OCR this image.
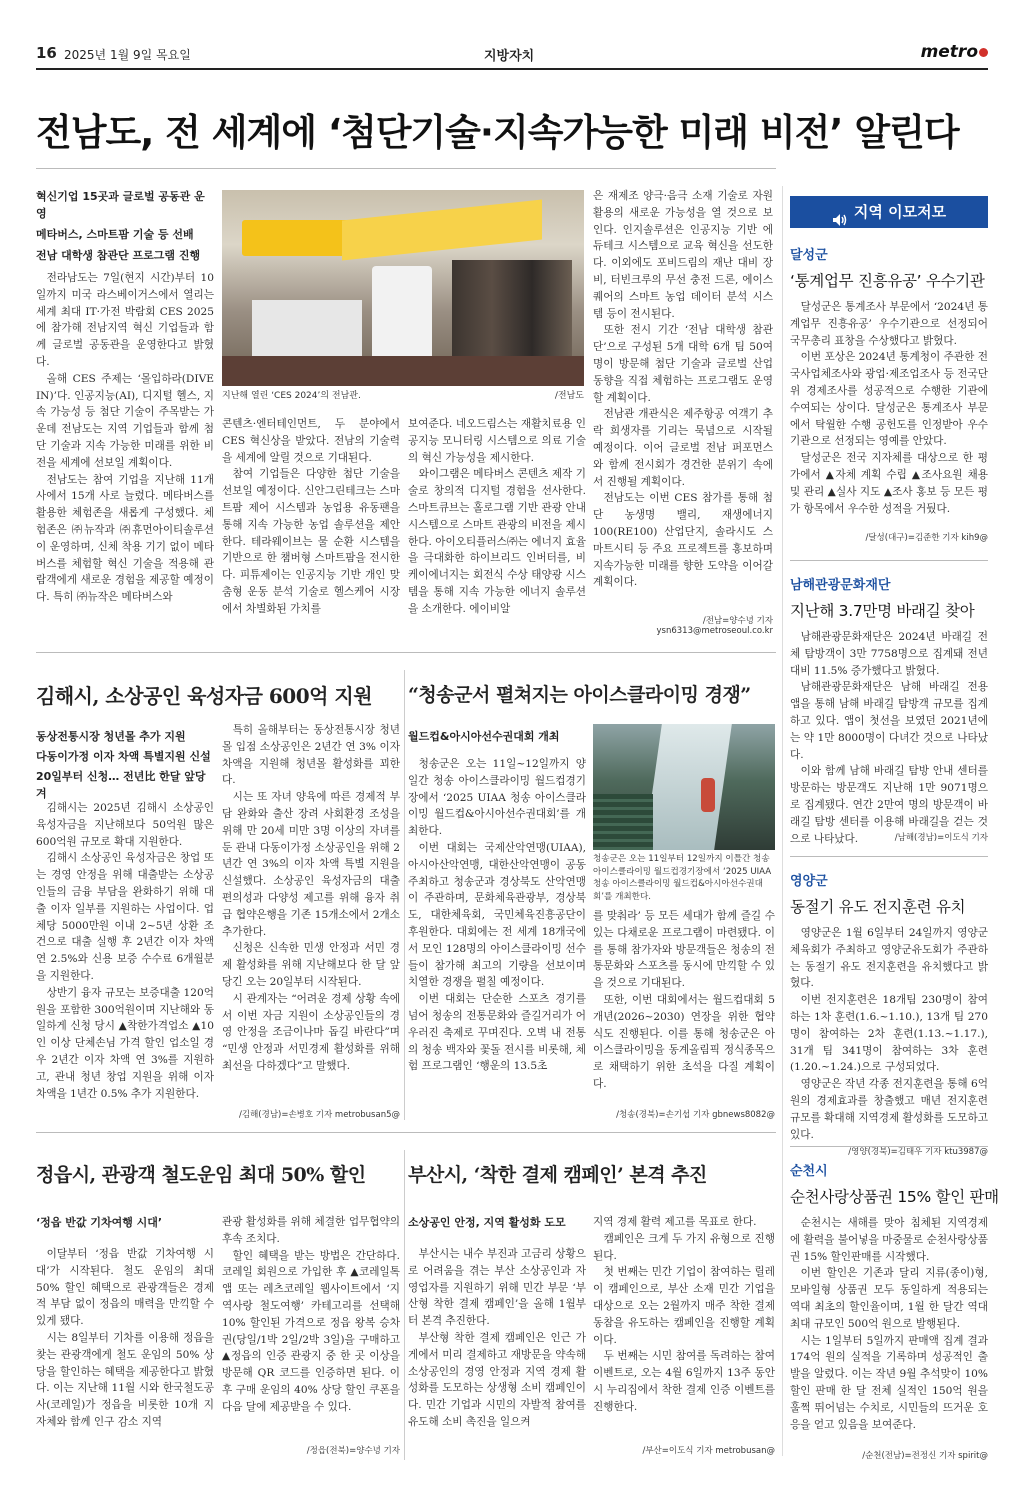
16 2025년 1월 9일 목요일	지방자치	metro
전남도, 전 세계에 ‘첨단기술·지속가능한 미래 비전’ 알린다
혁신기업 15곳과 글로벌 공동관 운영
메타버스, 스마트팜 기술 등 선배
전남 대학생 참관단 프로그램 진행

전라남도는 7일(현지 시간)부터 10일까지 미국 라스베이거스에서 열리는 세계 최대 IT·가전 박람회 CES 2025에 참가해 전남지역 혁신 기업들과 함께 글로벌 공동관을 운영한다고 밝혔다.

올해 CES 주제는 ‘몰입하라(DIVE IN)’다. 인공지능(AI), 디지털 헬스, 지속 가능성 등 첨단 기술이 주목받는 가운데 전남도는 지역 기업들과 함께 첨단 기술과 지속 가능한 미래를 위한 비전을 세계에 선보일 계획이다.

전남도는 참여 기업을 지난해 11개 사에서 15개 사로 늘렸다. 메타버스를 활용한 체험존을 새롭게 구성했다. 체험존은 ㈜뉴작과 ㈜휴먼아이티솔루션이 운영하며, 신체 착용 기기 없이 메타버스를 체험할 혁신 기술을 적용해 관람객에게 새로운 경험을 제공할 예정이다. 특히 ㈜뉴작은 메타버스와

지난해 열린 ‘CES 2024’의 전남관.	/전남도

콘텐츠·엔터테인먼트, 두 분야에서 CES 혁신상을 받았다. 전남의 기술력을 세계에 알릴 것으로 기대된다.

참여 기업들은 다양한 첨단 기술을 선보일 예정이다. 신안그린테크는 스마트팜 제어 시스템과 농업용 유동팬을 통해 지속 가능한 농업 솔루션을 제안한다. 테라웨이브는 물 순환 시스템을 기반으로 한 챔버형 스마트팜을 전시한다. 피튜제이는 인공지능 기반 개인 맞춤형 운동 분석 기술로 헬스케어 시장에서 차별화된 가치를

보여준다. 네오드림스는 재활치료용 인공지능 모니터링 시스템으로 의료 기술의 혁신 가능성을 제시한다.

와이그램은 메타버스 콘텐츠 제작 기술로 창의적 디지털 경험을 선사한다. 스마트큐브는 홀로그램 기반 관광 안내 시스템으로 스마트 관광의 비전을 제시한다. 아이오티플러스㈜는 에너지 효율을 극대화한 하이브리드 인버터를, 비케이에너지는 회전식 수상 태양광 시스템을 통해 지속 가능한 에너지 솔루션을 소개한다. 에이비알

은 재제조 양극·음극 소재 기술로 자원 활용의 새로운 가능성을 열 것으로 보인다. 인지솔루션은 인공지능 기반 에듀테크 시스템으로 교육 혁신을 선도한다. 이외에도 포비드림의 재난 대비 장비, 터빈크루의 무선 충전 드론, 에이스퀘어의 스마트 농업 데이터 분석 시스템 등이 전시된다.

또한 전시 기간 ‘전남 대학생 참관단’으로 구성된 5개 대학 6개 팀 50여 명이 방문해 첨단 기술과 글로벌 산업 동향을 직접 체험하는 프로그램도 운영할 계획이다.

전남관 개관식은 제주항공 여객기 추락 희생자를 기리는 묵념으로 시작될 예정이다. 이어 글로벌 전남 퍼포먼스와 함께 전시회가 경건한 분위기 속에서 진행될 계획이다.

전남도는 이번 CES 참가를 통해 첨단 농생명 밸리, 재생에너지100(RE100) 산업단지, 솔라시도 스마트시티 등 주요 프로젝트를 홍보하며 지속가능한 미래를 향한 도약을 이어갈 계획이다.

/전남=양수녕 기자 ysn6313@metroseoul.co.kr
김해시, 소상공인 육성자금 600억 지원
동상전통시장 청년몰 추가 지원
다동이가정 이자 차액 특별지원 신설
20일부터 신청… 전년比 한달 앞당겨

김해시는 2025년 김해시 소상공인 육성자금을 지난해보다 50억원 많은 600억원 규모로 확대 지원한다.

김해시 소상공인 육성자금은 창업 또는 경영 안정을 위해 대출받는 소상공인들의 금융 부담을 완화하기 위해 대출 이자 일부를 지원하는 사업이다. 업체당 5000만원 이내 2~5년 상환 조건으로 대출 실행 후 2년간 이자 차액 연 2.5%와 신용 보증 수수료 6개월분을 지원한다.

상반기 융자 규모는 보증대출 120억원을 포함한 300억원이며 지난해와 동일하게 신청 당시 ▲착한가격업소 ▲10인 이상 단체손님 가격 할인 업소일 경우 2년간 이자 차액 연 3%를 지원하고, 관내 청년 창업 지원을 위해 이자 차액을 1년간 0.5% 추가 지원한다.

특히 올해부터는 동상전통시장 청년몰 입점 소상공인은 2년간 연 3% 이자 차액을 지원해 청년몰 활성화를 꾀한다.

시는 또 자녀 양육에 따른 경제적 부담 완화와 출산 장려 사회환경 조성을 위해 만 20세 미만 3명 이상의 자녀를 둔 관내 다동이가정 소상공인을 위해 2년간 연 3%의 이자 차액 특별 지원을 신설했다. 소상공인 육성자금의 대출 편의성과 다양성 제고를 위해 융자 취급 협약은행을 기존 15개소에서 2개소 추가한다.

신청은 신속한 민생 안정과 서민 경제 활성화를 위해 지난해보다 한 달 앞당긴 오는 20일부터 시작된다.

시 관계자는 “어려운 경제 상황 속에서 이번 자금 지원이 소상공인들의 경영 안정을 조금이나마 돕길 바란다”며 “민생 안정과 서민경제 활성화를 위해 최선을 다하겠다”고 말했다.

/김해(경남)=손병호 기자 metrobusan5@
“청송군서 펼쳐지는 아이스클라이밍 경쟁”
월드컵&아시아선수권대회 개최

청송군은 오는 11일~12일까지 양일간 청송 아이스클라이밍 월드컵경기장에서 ‘2025 UIAA 청송 아이스클라이밍 월드컵&아시아선수권대회’를 개최한다.

이번 대회는 국제산악연맹(UIAA), 아시아산악연맹, 대한산악연맹이 공동 주최하고 청송군과 경상북도 산악연맹이 주관하며, 문화체육관광부, 경상북도, 대한체육회, 국민체육진흥공단이 후원한다. 대회에는 전 세계 18개국에서 모인 128명의 아이스클라이밍 선수들이 참가해 최고의 기량을 선보이며 치열한 경쟁을 펼칠 예정이다.

이번 대회는 단순한 스포츠 경기를 넘어 청송의 전통문화와 즐길거리가 어우러진 축제로 꾸며진다. 오벽 내 전통의 청송 백자와 꽃돌 전시를 비롯해, 체험 프로그램인 ‘행운의 13.5초

청송군은 오는 11일부터 12일까지 이틀간 청송 아이스클라이밍 월드컵경기장에서 ‘2025 UIAA 청송 아이스클라이밍 월드컵&아시아선수권대회’를 개최한다.

를 맞춰라’ 등 모든 세대가 함께 즐길 수 있는 다채로운 프로그램이 마련됐다. 이를 통해 참가자와 방문객들은 청송의 전통문화와 스포츠를 동시에 만끽할 수 있을 것으로 기대된다.

또한, 이번 대회에서는 월드컵대회 5개년(2026~2030) 연장을 위한 협약식도 진행된다. 이를 통해 청송군은 아이스클라이밍을 동계올림픽 정식종목으로 채택하기 위한 초석을 다질 계획이다.

/청송(경북)=손기섭 기자 gbnews8082@
정읍시, 관광객 철도운임 최대 50% 할인
‘정읍 반값 기차여행 시대’

이달부터 ‘정읍 반값 기차여행 시대’가 시작된다. 철도 운임의 최대 50% 할인 혜택으로 관광객들은 경제적 부담 없이 정읍의 매력을 만끽할 수 있게 됐다.

시는 8일부터 기차를 이용해 정읍을 찾는 관광객에게 철도 운임의 50% 상당을 할인하는 혜택을 제공한다고 밝혔다. 이는 지난해 11월 시와 한국철도공사(코레일)가 정읍을 비롯한 10개 지자체와 함께 인구 감소 지역

관광 활성화를 위해 체결한 업무협약의 후속 조치다.

할인 혜택을 받는 방법은 간단하다. 코레일 회원으로 가입한 후 ▲코레일톡 앱 또는 레츠코레일 웹사이트에서 ‘지역사랑 철도여행’ 카테고리를 선택해 10% 할인된 가격으로 정읍 왕복 승차권(당일/1박 2일/2박 3일)을 구매하고 ▲정읍의 인증 관광지 중 한 곳 이상을 방문해 QR 코드를 인증하면 된다. 이후 구매 운임의 40% 상당 할인 쿠폰을 다음 달에 제공받을 수 있다.

/정읍(전북)=양수녕 기자
부산시, ‘착한 결제 캠페인’ 본격 추진
소상공인 안정, 지역 활성화 도모

부산시는 내수 부진과 고금리 상황으로 어려움을 겪는 부산 소상공인과 자영업자를 지원하기 위해 민간 부문 ‘부산형 착한 결제 캠페인’을 올해 1월부터 본격 추진한다.

부산형 착한 결제 캠페인은 인근 가게에서 미리 결제하고 재방문을 약속해 소상공인의 경영 안정과 지역 경제 활성화를 도모하는 상생형 소비 캠페인이다. 민간 기업과 시민의 자발적 참여를 유도해 소비 촉진을 일으켜

지역 경제 활력 제고를 목표로 한다.

캠페인은 크게 두 가지 유형으로 진행된다.

첫 번째는 민간 기업이 참여하는 릴레이 캠페인으로, 부산 소재 민간 기업을 대상으로 오는 2월까지 매주 착한 결제 동참을 유도하는 캠페인을 진행할 계획이다.

두 번째는 시민 참여를 독려하는 참여 이벤트로, 오는 4월 6일까지 13주 동안 시 누리집에서 착한 결제 인증 이벤트를 진행한다.

/부산=이도식 기자 metrobusan@
지역 이모저모
달성군
‘통계업무 진흥유공’ 우수기관

달성군은 통계조사 부문에서 ‘2024년 통계업무 진흥유공’ 우수기관으로 선정되어 국무총리 표창을 수상했다고 밝혔다.

이번 포상은 2024년 통계청이 주관한 전국사업체조사와 광업·제조업조사 등 전국단위 경제조사를 성공적으로 수행한 기관에 수여되는 상이다. 달성군은 통계조사 부문에서 탁월한 수행 공헌도를 인정받아 우수기관으로 선정되는 영예를 안았다.

달성군은 전국 지자체를 대상으로 한 평가에서 ▲자체 계획 수립 ▲조사요원 채용 및 관리 ▲실사 지도 ▲조사 홍보 등 모든 평가 항목에서 우수한 성적을 거뒀다.

/달성(대구)=김준한 기자 kih9@
남해관광문화재단
지난해 3.7만명 바래길 찾아

남해관광문화재단은 2024년 바래길 전체 탐방객이 3만 7758명으로 집계돼 전년 대비 11.5% 증가했다고 밝혔다.

남해관광문화재단은 남해 바래길 전용 앱을 통해 남해 바래길 탐방객 규모를 집계하고 있다. 앱이 첫선을 보였던 2021년에는 약 1만 8000명이 다녀간 것으로 나타났다.

이와 함께 남해 바래길 탐방 안내 센터를 방문하는 방문객도 지난해 1만 9071명으로 집계됐다. 연간 2만여 명의 방문객이 바래길 탐방 센터를 이용해 바래길을 걷는 것으로 나타났다.	/남해(경남)=이도식 기자
영양군
동절기 유도 전지훈련 유치

영양군은 1월 6일부터 24일까지 영양군체육회가 주최하고 영양군유도회가 주관하는 동절기 유도 전지훈련을 유치했다고 밝혔다.

이번 전지훈련은 18개팀 230명이 참여하는 1차 훈련(1.6.~1.10.), 13개 팀 270명이 참여하는 2차 훈련(1.13.~1.17.), 31개 팀 341명이 참여하는 3차 훈련(1.20.~1.24.)으로 구성되었다.

영양군은 작년 각종 전지훈련을 통해 6억 원의 경제효과를 창출했고 매년 전지훈련 규모를 확대해 지역경제 활성화를 도모하고 있다.

/영양(경북)=김태우 기자 ktu3987@
순천시
순천사랑상품권 15% 할인 판매

순천시는 새해를 맞아 침체된 지역경제에 활력을 불어넣을 마중물로 순천사랑상품권 15% 할인판매를 시작했다.

이번 할인은 기존과 달리 지류(종이)형, 모바일형 상품권 모두 동일하게 적용되는 역대 최초의 할인율이며, 1월 한 달간 역대 최대 규모인 500억 원으로 발행된다.

시는 1일부터 5일까지 판매액 집계 결과 174억 원의 실적을 기록하며 성공적인 출발을 알렸다. 이는 작년 9월 추석맞이 10% 할인 판매 한 달 전체 실적인 150억 원을 훌쩍 뛰어넘는 수치로, 시민들의 뜨거운 호응을 얻고 있음을 보여준다.

/순천(전남)=전정신 기자 spirit@
